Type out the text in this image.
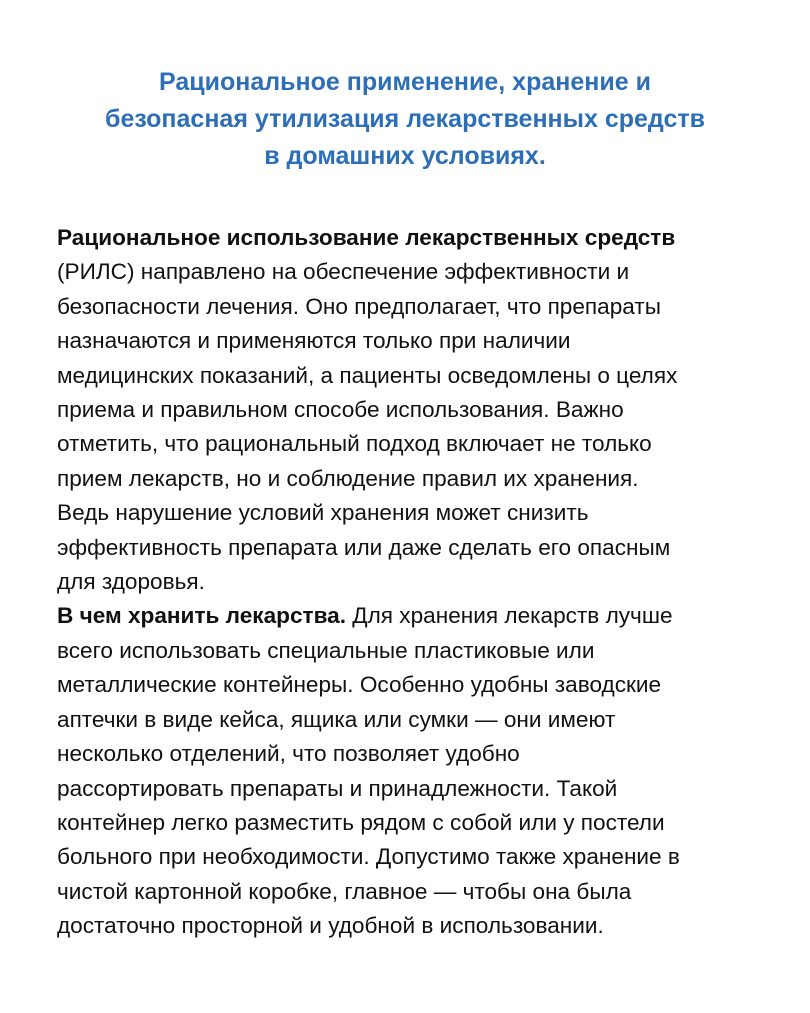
Рациональное применение, хранение и
безопасная утилизация лекарственных средств
в домашних условиях.
Рациональное использование лекарственных средств
(РИЛС) направлено на обеспечение эффективности и
безопасности лечения. Оно предполагает, что препараты
назначаются и применяются только при наличии
медицинских показаний, а пациенты осведомлены о целях
приема и правильном способе использования. Важно
отметить, что рациональный подход включает не только
прием лекарств, но и соблюдение правил их хранения.
Ведь нарушение условий хранения может снизить
эффективность препарата или даже сделать его опасным
для здоровья.
В чем хранить лекарства. Для хранения лекарств лучше
всего использовать специальные пластиковые или
металлические контейнеры. Особенно удобны заводские
аптечки в виде кейса, ящика или сумки — они имеют
несколько отделений, что позволяет удобно
рассортировать препараты и принадлежности. Такой
контейнер легко разместить рядом с собой или у постели
больного при необходимости. Допустимо также хранение в
чистой картонной коробке, главное — чтобы она была
достаточно просторной и удобной в использовании.
